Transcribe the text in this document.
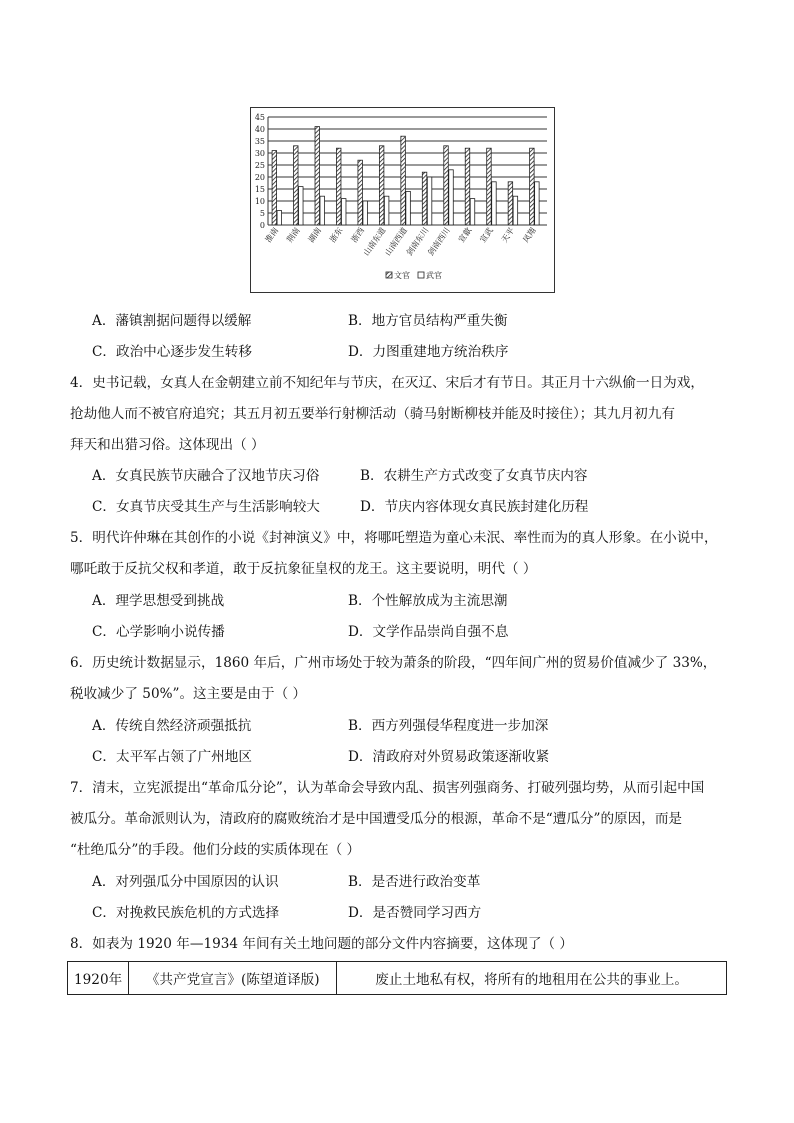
0
5
10
15
20
25
30
35
40
45
淮南 荆南 湖南 浙东 浙西
山南东道
山南西道
剑南东川
剑南西川 宣歙 宣武 天平 凤翔
文官 武官
A．藩镇割据问题得以缓解	B．地方官员结构严重失衡
C．政治中心逐步发生转移	D．力图重建地方统治秩序
4．史书记载，女真人在金朝建立前不知纪年与节庆，在灭辽、宋后才有节日。其正月十六纵偷一日为戏，
抢劫他人而不被官府追究；其五月初五要举行射柳活动（骑马射断柳枝并能及时接住）；其九月初九有
拜天和出猎习俗。这体现出（ ）
A．女真民族节庆融合了汉地节庆习俗	B．农耕生产方式改变了女真节庆内容
C．女真节庆受其生产与生活影响较大	D．节庆内容体现女真民族封建化历程
5．明代许仲琳在其创作的小说《封神演义》中，将哪吒塑造为童心未泯、率性而为的真人形象。在小说中，
哪吒敢于反抗父权和孝道，敢于反抗象征皇权的龙王。这主要说明，明代（ ）
A．理学思想受到挑战	B．个性解放成为主流思潮
C．心学影响小说传播	D．文学作品崇尚自强不息
6．历史统计数据显示，1860 年后，广州市场处于较为萧条的阶段，“四年间广州的贸易价值减少了 33%，
税收减少了 50%”。这主要是由于（ ）
A．传统自然经济顽强抵抗	B．西方列强侵华程度进一步加深
C．太平军占领了广州地区	D．清政府对外贸易政策逐渐收紧
7．清末，立宪派提出“革命瓜分论”，认为革命会导致内乱、损害列强商务、打破列强均势，从而引起中国
被瓜分。革命派则认为，清政府的腐败统治才是中国遭受瓜分的根源，革命不是“遭瓜分”的原因，而是
“杜绝瓜分”的手段。他们分歧的实质体现在（ ）
A．对列强瓜分中国原因的认识	B．是否进行政治变革
C．对挽救民族危机的方式选择	D．是否赞同学习西方
8．如表为 1920 年—1934 年间有关土地问题的部分文件内容摘要，这体现了（ ）
1920年	《共产党宣言》(陈望道译版)	废止土地私有权，将所有的地租用在公共的事业上。
